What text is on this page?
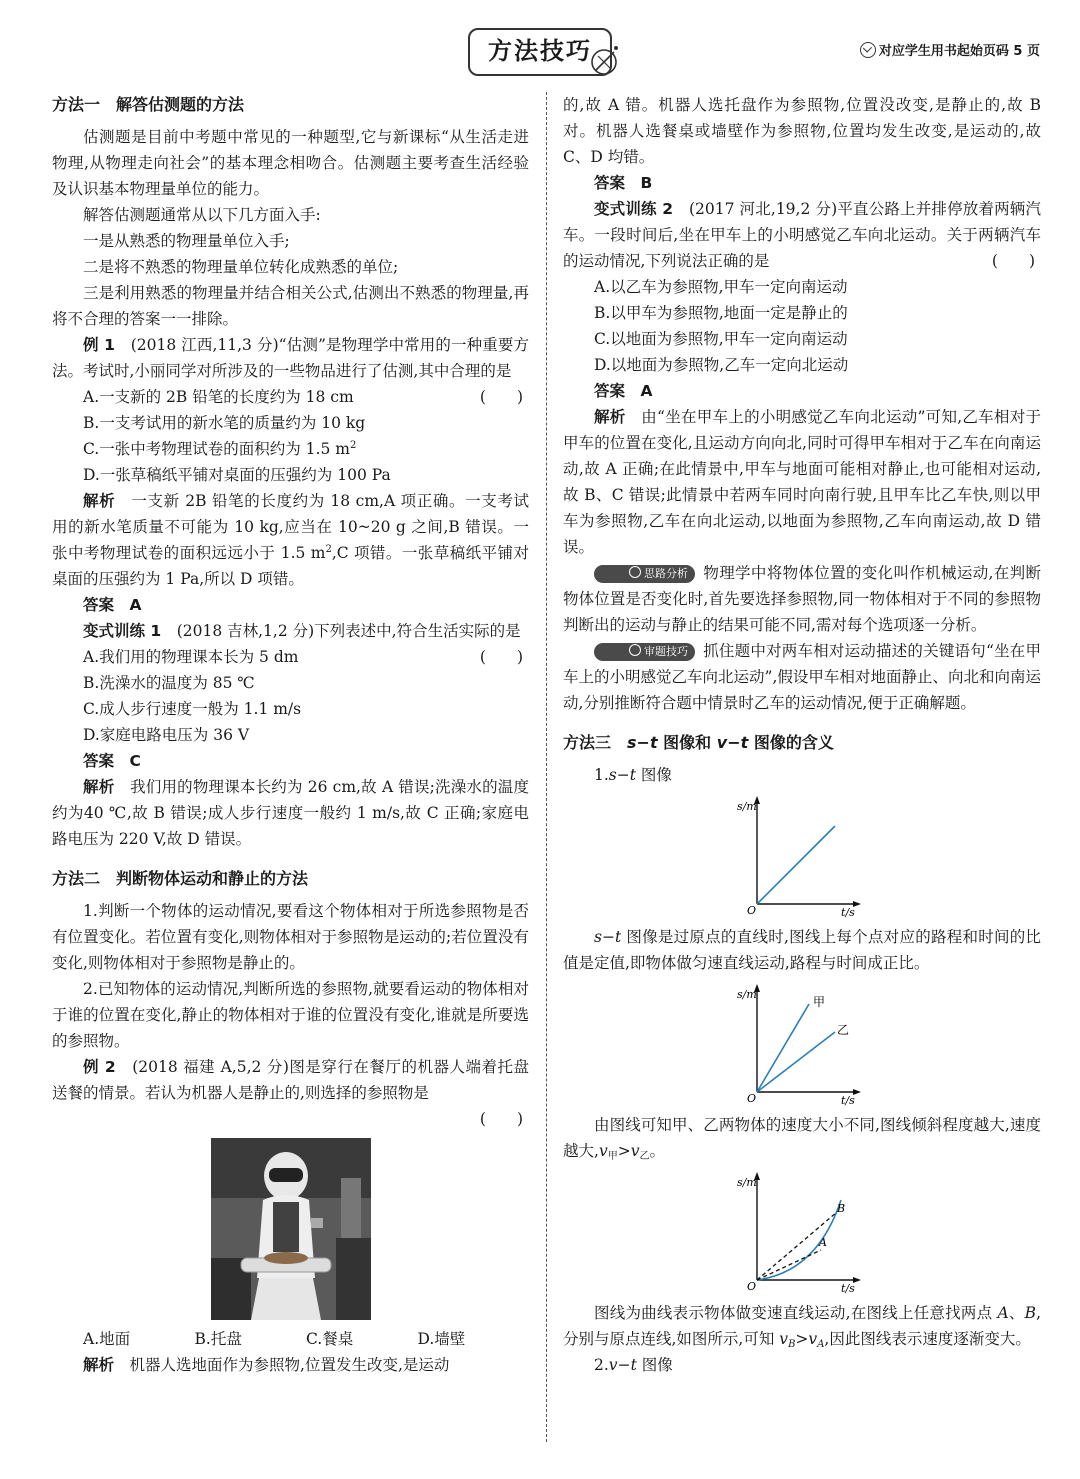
方法技巧	对应学生用书起始页码 5 页
方法一　解答估测题的方法

估测题是目前中考题中常见的一种题型,它与新课标“从生活走进物理,从物理走向社会”的基本理念相吻合。估测题主要考查生活经验及认识基本物理量单位的能力。

解答估测题通常从以下几方面入手:

一是从熟悉的物理量单位入手;

二是将不熟悉的物理量单位转化成熟悉的单位;

三是利用熟悉的物理量并结合相关公式,估测出不熟悉的物理量,再将不合理的答案一一排除。

例 1　 (2018 江西,11,3 分)“估测”是物理学中常用的一种重要方法。考试时,小丽同学对所涉及的一些物品进行了估测,其中合理的是
(　　)

A.一支新的 2B 铅笔的长度约为 18 cm

B.一支考试用的新水笔的质量约为 10 kg

C.一张中考物理试卷的面积约为 1.5 $m^2$

D.一张草稿纸平铺对桌面的压强约为 100 Pa

解析　 一支新 2B 铅笔的长度约为 18 cm,A 项正确。一支考试用的新水笔质量不可能为 10 kg,应当在 10~20 g 之间,B 错误。一张中考物理试卷的面积远远小于 1.5 $m^2,C$ 项错。一张草稿纸平铺对桌面的压强约为 1 Pa,所以 D 项错。

答案　 A

变式训练 1　 (2018 吉林,1,2 分)下列表述中,符合生活实际的是
(　　)

A.我们用的物理课本长为 5 dm

B.洗澡水的温度为 85 ℃

C.成人步行速度一般为 1.1 m/s

D.家庭电路电压为 36 V

答案　 C

解析　 我们用的物理课本长约为 26 cm,故 A 错误;洗澡水的温度约为40 ℃,故 B 错误;成人步行速度一般约 1 m/s,故 C 正确;家庭电路电压为 220 V,故 D 错误。

方法二　判断物体运动和静止的方法

1.判断一个物体的运动情况,要看这个物体相对于所选参照物是否有位置变化。若位置有变化,则物体相对于参照物是运动的;若位置没有变化,则物体相对于参照物是静止的。

2.已知物体的运动情况,判断所选的参照物,就要看运动的物体相对于谁的位置在变化,静止的物体相对于谁的位置没有变化,谁就是所要选的参照物。

例 2　 (2018 福建 A,5,2 分)图是穿行在餐厅的机器人端着托盘送餐的情景。若认为机器人是静止的,则选择的参照物是

(　　)

A.地面	B.托盘	C.餐桌	D.墙壁

解析　 机器人选地面作为参照物,位置发生改变,是运动

的,故 A 错。机器人选托盘作为参照物,位置没改变,是静止的,故 B 对。机器人选餐桌或墙壁作为参照物,位置均发生改变,是运动的,故 C、D 均错。

答案　 B

变式训练 2　 (2017 河北,19,2 分)平直公路上并排停放着两辆汽车。一段时间后,坐在甲车上的小明感觉乙车向北运动。关于两辆汽车的运动情况,下列说法正确的是	(　　)

A.以乙车为参照物,甲车一定向南运动

B.以甲车为参照物,地面一定是静止的

C.以地面为参照物,甲车一定向南运动

D.以地面为参照物,乙车一定向北运动

答案　 A

解析　 由“坐在甲车上的小明感觉乙车向北运动”可知,乙车相对于甲车的位置在变化,且运动方向向北,同时可得甲车相对于乙车在向南运动,故 A 正确;在此情景中,甲车与地面可能相对静止,也可能相对运动,故 B、C 错误;此情景中若两车同时向南行驶,且甲车比乙车快,则以甲车为参照物,乙车在向北运动,以地面为参照物,乙车向南运动,故 D 错误。

思路分析 物理学中将物体位置的变化叫作机械运动,在判断物体位置是否变化时,首先要选择参照物,同一物体相对于不同的参照物判断出的运动与静止的结果可能不同,需对每个选项逐一分析。

审题技巧 抓住题中对两车相对运动描述的关键语句“坐在甲车上的小明感觉乙车向北运动”,假设甲车相对地面静止、向北和向南运动,分别推断符合题中情景时乙车的运动情况,便于正确解题。

方法三　s−t 图像和 v−t 图像的含义

1.s−t 图像

s/m
t/s
O

s−t 图像是过原点的直线时,图线上每个点对应的路程和时间的比值是定值,即物体做匀速直线运动,路程与时间成正比。

甲
乙
s/m
t/s
O

由图线可知甲、乙两物体的速度大小不同,图线倾斜程度越大,速度越大$,v_甲>v_乙$。

B
A
s/m
t/s
O

图线为曲线表示物体做变速直线运动,在图线上任意找两点 A、B,分别与原点连线,如图所示,可知 $v_B>v_A$,因此图线表示速度逐渐变大。

2.v−t 图像
